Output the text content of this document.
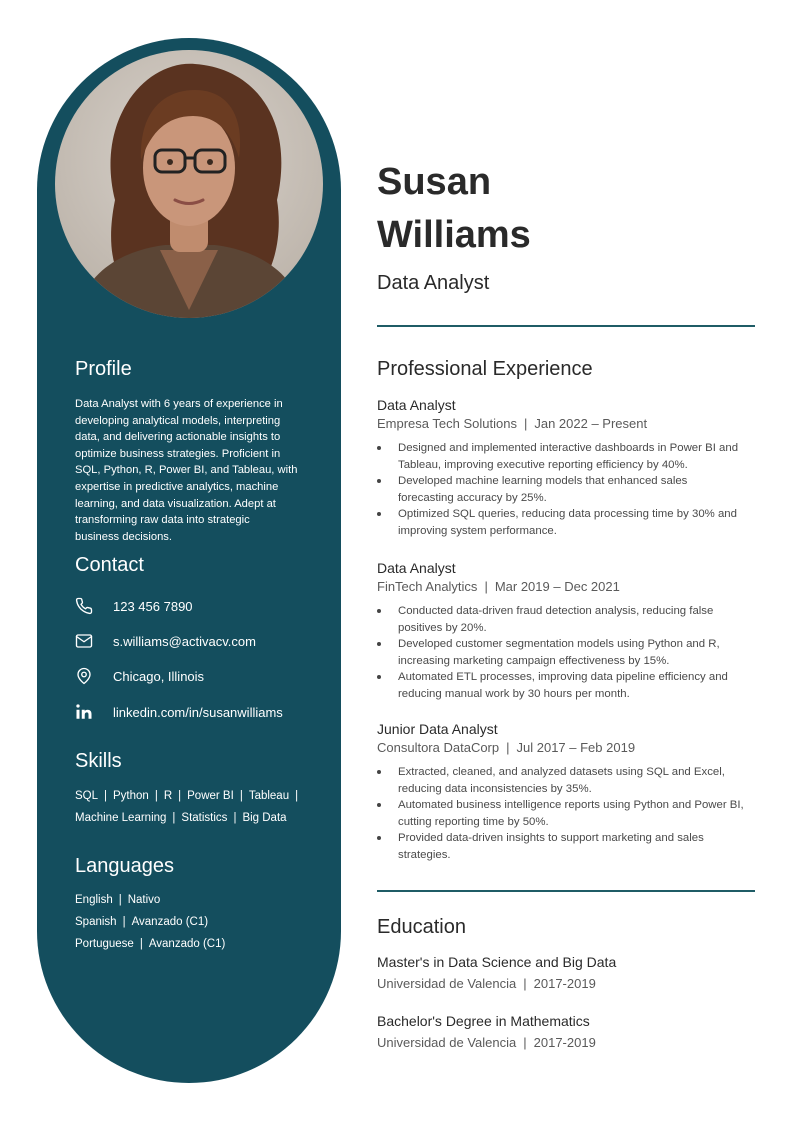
Profile
Data Analyst with 6 years of experience in
developing analytical models, interpreting
data, and delivering actionable insights to
optimize business strategies. Proficient in
SQL, Python, R, Power BI, and Tableau, with
expertise in predictive analytics, machine
learning, and data visualization. Adept at
transforming raw data into strategic
business decisions.
Contact
123 456 7890
s.williams@activacv.com
Chicago, Illinois
linkedin.com/in/susanwilliams
Skills
SQL | Python | R | Power BI | Tableau |
Machine Learning | Statistics | Big Data
Languages
English | Nativo
Spanish | Avanzado (C1)
Portuguese | Avanzado (C1)
Susan
Williams
Data Analyst
Professional Experience
Data Analyst
Empresa Tech Solutions | Jan 2022 – Present
Designed and implemented interactive dashboards in Power BI and
Tableau, improving executive reporting efficiency by 40%.
Developed machine learning models that enhanced sales
forecasting accuracy by 25%.
Optimized SQL queries, reducing data processing time by 30% and
improving system performance.
Data Analyst
FinTech Analytics | Mar 2019 – Dec 2021
Conducted data-driven fraud detection analysis, reducing false
positives by 20%.
Developed customer segmentation models using Python and R,
increasing marketing campaign effectiveness by 15%.
Automated ETL processes, improving data pipeline efficiency and
reducing manual work by 30 hours per month.
Junior Data Analyst
Consultora DataCorp | Jul 2017 – Feb 2019
Extracted, cleaned, and analyzed datasets using SQL and Excel,
reducing data inconsistencies by 35%.
Automated business intelligence reports using Python and Power BI,
cutting reporting time by 50%.
Provided data-driven insights to support marketing and sales
strategies.
Education
Master's in Data Science and Big Data
Universidad de Valencia | 2017-2019
Bachelor's Degree in Mathematics
Universidad de Valencia | 2017-2019
